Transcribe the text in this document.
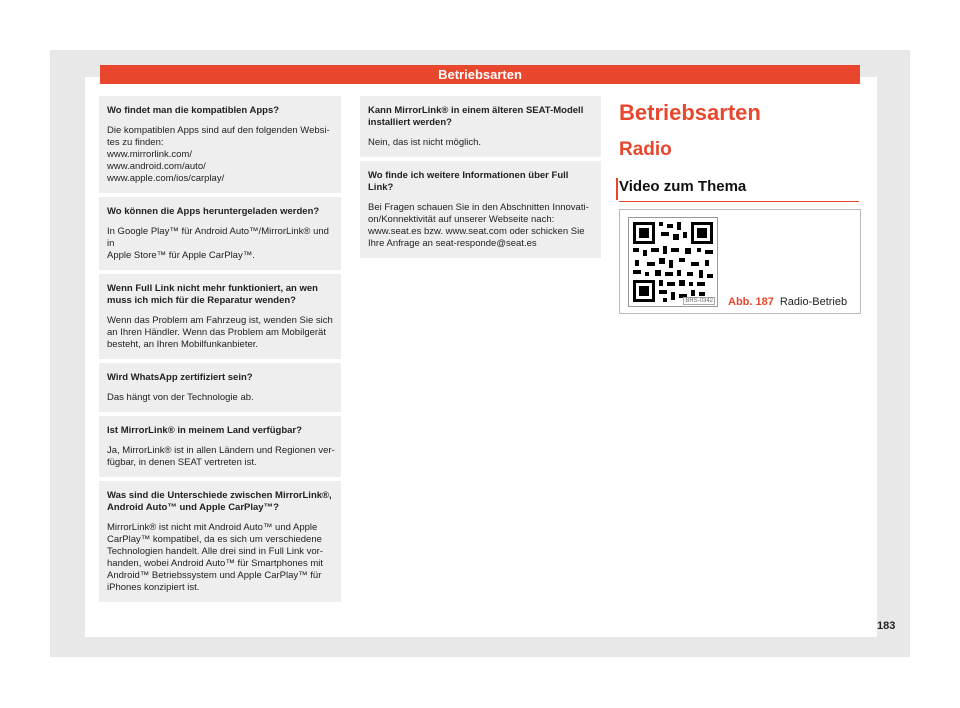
Betriebsarten
Wo findet man die kompatiblen Apps?
Die kompatiblen Apps sind auf den folgenden Websi-
tes zu finden:
www.mirrorlink.com/
www.android.com/auto/
www.apple.com/ios/carplay/
Wo können die Apps heruntergeladen werden?
In Google Play™ für Android Auto™/MirrorLink® und in
Apple Store™ für Apple CarPlay™.
Wenn Full Link nicht mehr funktioniert, an wen
muss ich mich für die Reparatur wenden?
Wenn das Problem am Fahrzeug ist, wenden Sie sich
an Ihren Händler. Wenn das Problem am Mobilgerät
besteht, an Ihren Mobilfunkanbieter.
Wird WhatsApp zertifiziert sein?
Das hängt von der Technologie ab.
Ist MirrorLink® in meinem Land verfügbar?
Ja, MirrorLink® ist in allen Ländern und Regionen ver-
fügbar, in denen SEAT vertreten ist.
Was sind die Unterschiede zwischen MirrorLink®,
Android Auto™ und Apple CarPlay™?
MirrorLink® ist nicht mit Android Auto™ und Apple
CarPlay™ kompatibel, da es sich um verschiedene
Technologien handelt. Alle drei sind in Full Link vor-
handen, wobei Android Auto™ für Smartphones mit
Android™ Betriebssystem und Apple CarPlay™ für
iPhones konzipiert ist.
Kann MirrorLink® in einem älteren SEAT-Modell
installiert werden?
Nein, das ist nicht möglich.
Wo finde ich weitere Informationen über Full Link?
Bei Fragen schauen Sie in den Abschnitten Innovati-
on/Konnektivität auf unserer Webseite nach:
www.seat.es bzw. www.seat.com oder schicken Sie
Ihre Anfrage an seat-responde@seat.es
Betriebsarten
Radio
Video zum Thema
BRS-0342 Abb. 187 Radio-Betrieb
183
